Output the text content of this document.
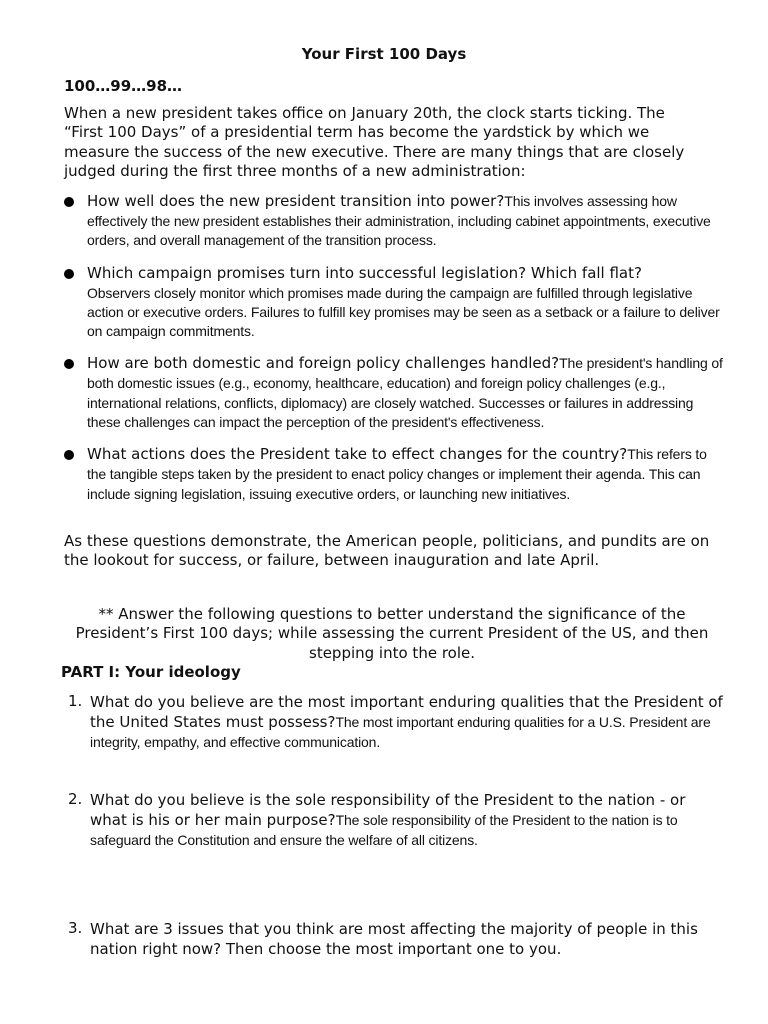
Your First 100 Days
100…99…98…

When a new president takes office on January 20th, the clock starts ticking. The “First 100 Days” of a presidential term has become the yardstick by which we measure the success of the new executive. There are many things that are closely judged during the first three months of a new administration:

How well does the new president transition into power?This involves assessing how effectively the new president establishes their administration, including cabinet appointments, executive orders, and overall management of the transition process.
Which campaign promises turn into successful legislation? Which fall flat?
Observers closely monitor which promises made during the campaign are fulfilled through legislative action or executive orders. Failures to fulfill key promises may be seen as a setback or a failure to deliver on campaign commitments.
How are both domestic and foreign policy challenges handled?The president's handling of both domestic issues (e.g., economy, healthcare, education) and foreign policy challenges (e.g., international relations, conflicts, diplomacy) are closely watched. Successes or failures in addressing these challenges can impact the perception of the president's effectiveness.
What actions does the President take to effect changes for the country?This refers to the tangible steps taken by the president to enact policy changes or implement their agenda. This can include signing legislation, issuing executive orders, or launching new initiatives.

As these questions demonstrate, the American people, politicians, and pundits are on the lookout for success, or failure, between inauguration and late April.

** Answer the following questions to better understand the significance of the President’s First 100 days; while assessing the current President of the US, and then stepping into the role.

PART I: Your ideology
1. What do you believe are the most important enduring qualities that the President of the United States must possess?The most important enduring qualities for a U.S. President are integrity, empathy, and effective communication.
2. What do you believe is the sole responsibility of the President to the nation - or what is his or her main purpose?The sole responsibility of the President to the nation is to safeguard the Constitution and ensure the welfare of all citizens.
3. What are 3 issues that you think are most affecting the majority of people in this nation right now? Then choose the most important one to you.
